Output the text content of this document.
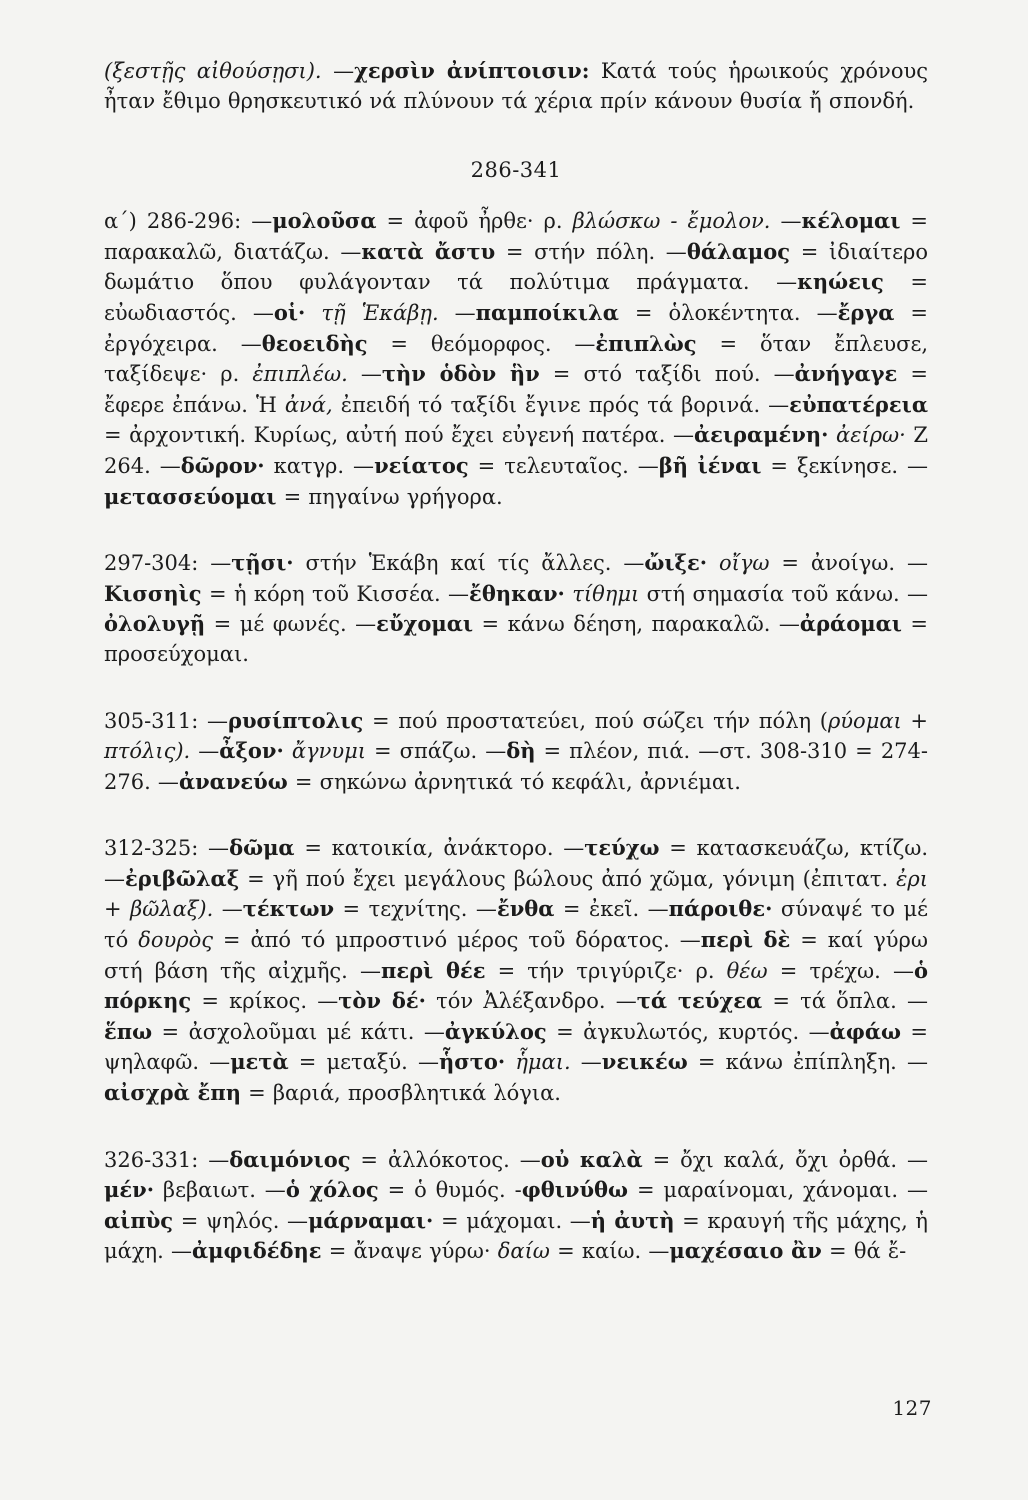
(ξεστῇς αἰθούσῃσι). —χερσὶν ἀνίπτοισιν: Κατά τούς ἡρωικούς χρόνους ἦταν ἔθιμο θρησκευτικό νά πλύνουν τά χέρια πρίν κάνουν θυσία ἤ σπονδή.

286-341

α΄) 286-296: —μολοῦσα = ἀφοῦ ἦρθε· ρ. βλώσκω - ἔμολον. —κέλομαι = παρακαλῶ, διατάζω. —κατὰ ἄστυ = στήν πόλη. —θάλαμος = ἰδιαίτερο δωμάτιο ὅπου φυλάγονταν τά πολύτιμα πράγματα. —κηώεις = εὐωδιαστός. —οἱ· τῇ Ἑκάβῃ. —παμποίκιλα = ὁλοκέντητα. —ἔργα = ἐργόχειρα. —θεοειδὴς = θεόμορφος. —ἐπιπλὼς = ὅταν ἔπλευσε, ταξίδεψε· ρ. ἐπιπλέω. —τὴν ὁδὸν ἣν = στό ταξίδι πού. —ἀνήγαγε = ἔφερε ἐπάνω. Ἡ ἀνά, ἐπειδή τό ταξίδι ἔγινε πρός τά βορινά. —εὐπατέρεια = ἀρχοντική. Κυρίως, αὐτή πού ἔχει εὐγενή πατέρα. —ἀειραμένη· ἀείρω· Ζ 264. —δῶρον· κατγρ. —νείατος = τελευταῖος. —βῆ ἰέναι = ξεκίνησε. —μετασσεύομαι = πηγαίνω γρήγορα.

297-304: —τῇσι· στήν Ἑκάβη καί τίς ἄλλες. —ὤιξε· οἴγω = ἀνοίγω. —Κισσηὶς = ἡ κόρη τοῦ Κισσέα. —ἔθηκαν· τίθημι στή σημασία τοῦ κάνω. —ὀλολυγῇ = μέ φωνές. —εὔχομαι = κάνω δέηση, παρακαλῶ. —ἀράομαι = προσεύχομαι.

305-311: —ρυσίπτολις = πού προστατεύει, πού σώζει τήν πόλη (ρύομαι + πτόλις). —ἆξον· ἄγνυμι = σπάζω. —δὴ = πλέον, πιά. —στ. 308-310 = 274-276. —ἀνανεύω = σηκώνω ἀρνητικά τό κεφάλι, ἀρνιέμαι.

312-325: —δῶμα = κατοικία, ἀνάκτορο. —τεύχω = κατασκευάζω, κτίζω. —ἐριβῶλαξ = γῆ πού ἔχει μεγάλους βώλους ἀπό χῶμα, γόνιμη (ἐπιτατ. ἐρι + βῶλαξ). —τέκτων = τεχνίτης. —ἔνθα = ἐκεῖ. —πάροιθε· σύναψέ το μέ τό δουρὸς = ἀπό τό μπροστινό μέρος τοῦ δόρατος. —περὶ δὲ = καί γύρω στή βάση τῆς αἰχμῆς. —περὶ θέε = τήν τριγύριζε· ρ. θέω = τρέχω. —ὁ πόρκης = κρίκος. —τὸν δέ· τόν Ἀλέξανδρο. —τά τεύχεα = τά ὅπλα. —ἕπω = ἀσχολοῦμαι μέ κάτι. —ἀγκύλος = ἀγκυλωτός, κυρτός. —ἀφάω = ψηλαφῶ. —μετὰ = μεταξύ. —ἧστο· ἧμαι. —νεικέω = κάνω ἐπίπληξη. —αἰσχρὰ ἔπη = βαριά, προσβλητικά λόγια.

326-331: —δαιμόνιος = ἀλλόκοτος. —οὐ καλὰ = ὄχι καλά, ὄχι ὀρθά. —μέν· βεβαιωτ. —ὁ χόλος = ὁ θυμός. -φθινύθω = μαραίνομαι, χάνομαι. —αἰπὺς = ψηλός. —μάρναμαι· = μάχομαι. —ἡ ἀυτὴ = κραυγή τῆς μάχης, ἡ μάχη. —ἀμφιδέδηε = ἄναψε γύρω· δαίω = καίω. —μαχέσαιο ἂν = θά ἔ-

127
